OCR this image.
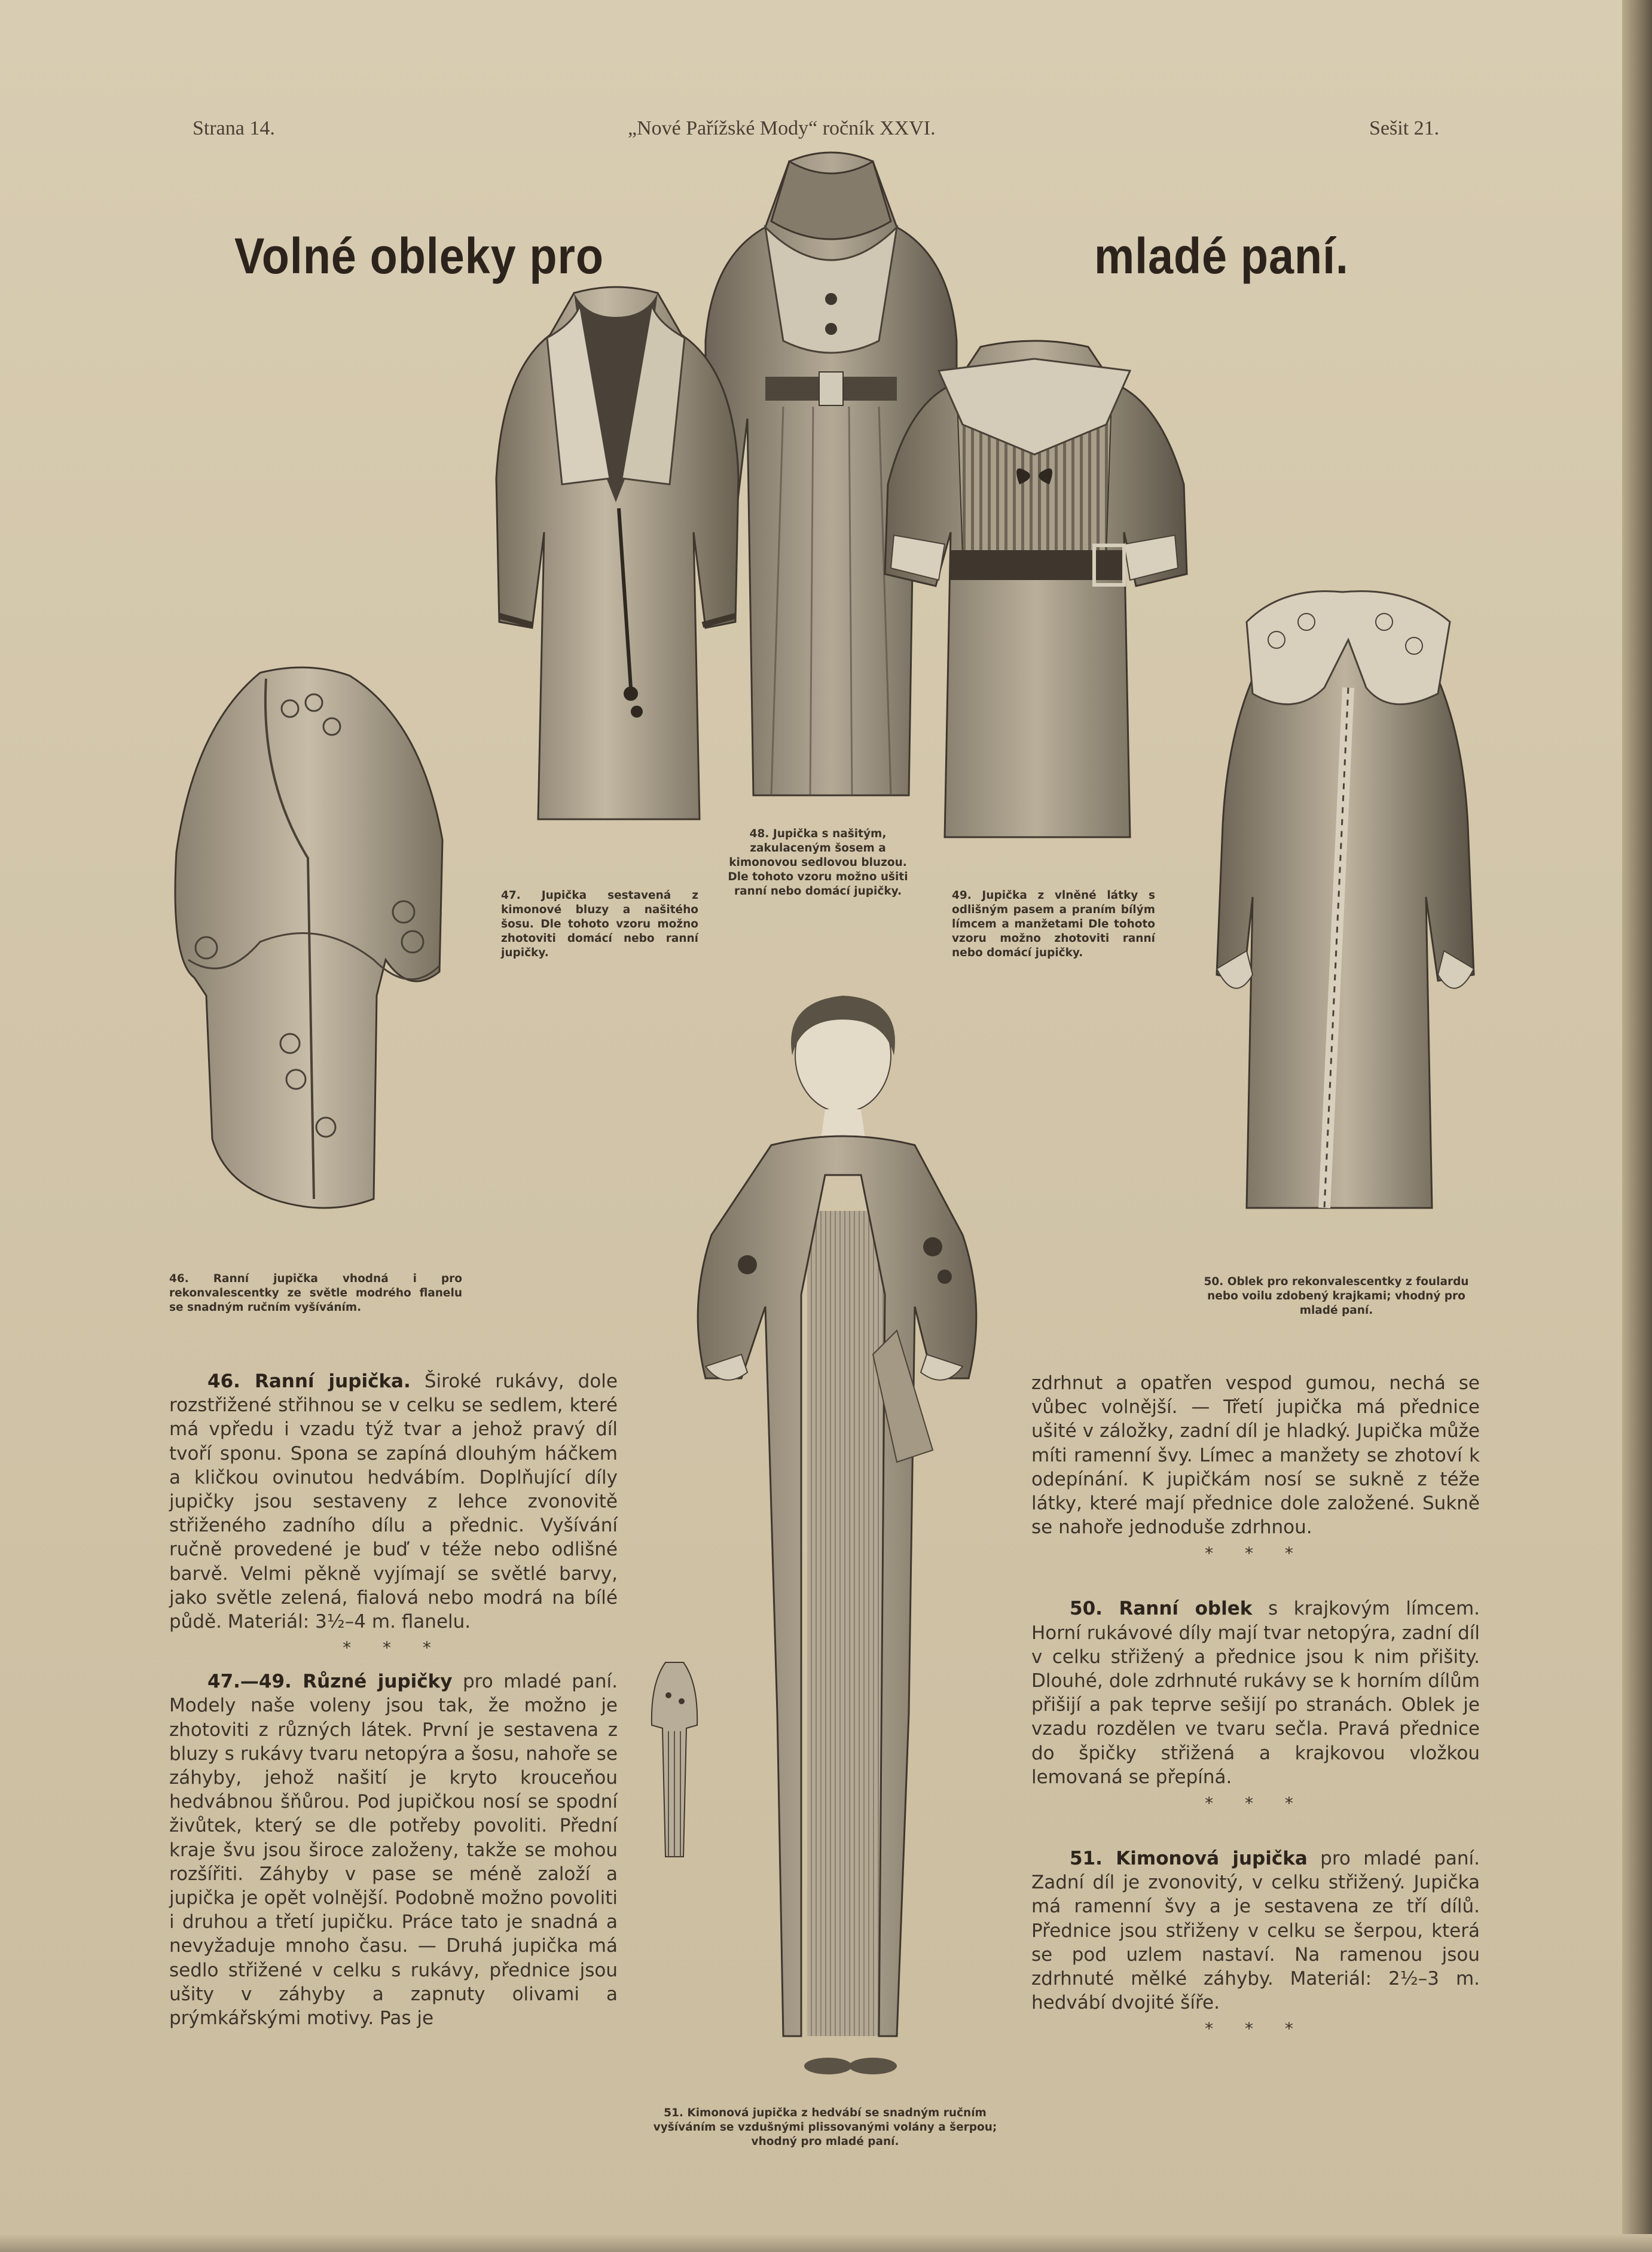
Strana 14.	„Nové Pařížské Mody“ ročník XXVI.	Sešit 21.
Volné obleky pro	mladé paní.
47. Jupička sestavená z kimonové bluzy a našitého šosu. Dle tohoto vzoru možno zhotoviti domácí nebo ranní jupičky.
48. Jupička s našitým, zakulaceným šosem a kimonovou sedlovou bluzou. Dle tohoto vzoru možno ušiti ranní nebo domácí jupičky.	49. Jupička z vlněné látky s odlišným pasem a praním bílým límcem a manžetami Dle tohoto vzoru možno zhotoviti ranní nebo domácí jupičky.
46. Ranní jupička vhodná i pro rekonvalescentky ze světle modrého flanelu se snadným ručním vyšíváním.
50. Oblek pro rekonvalescentky z foulardu nebo voilu zdobený krajkami; vhodný pro mladé paní.
51. Kimonová jupička z hedvábí se snadným ručním vyšíváním se vzdušnými plissovanými volány a šerpou; vhodný pro mladé paní.

46. Ranní jupička. Široké rukávy, dole rozstřižené střihnou se v celku se sedlem, které má vpředu i vzadu týž tvar a jehož pravý díl tvoří sponu. Spona se zapíná dlouhým háčkem a kličkou ovinutou hedvábím. Doplňující díly jupičky jsou sestaveny z lehce zvonovitě střiženého zadního dílu a přednic. Vyšívání ručně provedené je buď v téže nebo odlišné barvě. Velmi pěkně vyjímají se světlé barvy, jako světle zelená, fialová nebo modrá na bílé půdě. Materiál: 3½–4 m. flanelu.

* * *

47.—49. Různé jupičky pro mladé paní. Modely naše voleny jsou tak, že možno je zhotoviti z různých látek. První je sestavena z bluzy s rukávy tvaru netopýra a šosu, nahoře se záhyby, jehož našití je kryto krouceňou hedvábnou šňůrou. Pod jupičkou nosí se spodní živůtek, který se dle potřeby povoliti. Přední kraje švu jsou široce založeny, takže se mohou rozšířiti. Záhyby v pase se méně založí a jupička je opět volnější. Podobně možno povoliti i druhou a třetí jupičku. Práce tato je snadná a nevyžaduje mnoho času. — Druhá jupička má sedlo střižené v celku s rukávy, přednice jsou ušity v záhyby a zapnuty olivami a prýmkářskými motivy. Pas je

zdrhnut a opatřen vespod gumou, nechá se vůbec volnější. — Třetí jupička má přednice ušité v záložky, zadní díl je hladký. Jupička může míti ramenní švy. Límec a manžety se zhotoví k odepínání. K jupičkám nosí se sukně z téže látky, které mají přednice dole založené. Sukně se nahoře jednoduše zdrhnou.

* * *

50. Ranní oblek s krajkovým límcem. Horní rukávové díly mají tvar netopýra, zadní díl v celku střižený a přednice jsou k nim přišity. Dlouhé, dole zdrhnuté rukávy se k horním dílům přišijí a pak teprve sešijí po stranách. Oblek je vzadu rozdělen ve tvaru sečla. Pravá přednice do špičky střižená a krajkovou vložkou lemovaná se přepíná.

* * *

51. Kimonová jupička pro mladé paní. Zadní díl je zvonovitý, v celku střižený. Jupička má ramenní švy a je sestavena ze tří dílů. Přednice jsou střiženy v celku se šerpou, která se pod uzlem nastaví. Na ramenou jsou zdrhnuté mělké záhyby. Materiál: 2½–3 m. hedvábí dvojité šíře.

* * *
